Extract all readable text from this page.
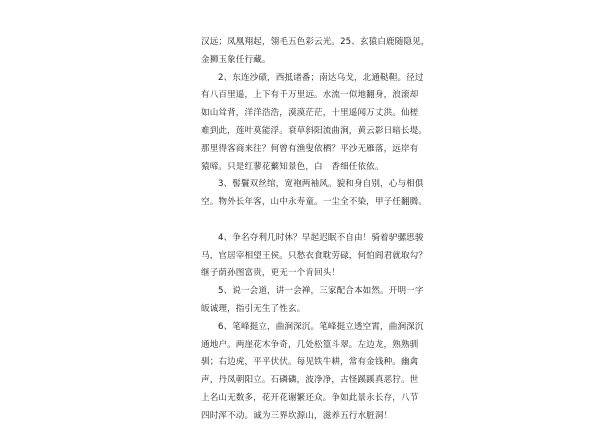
汉远；凤凰翔起，翎毛五色彩云光。25、玄猿白鹿随隐见，
金狮玉象任行藏。
2、东连沙碛，西抵诸番；南达乌戈，北通鞑靼。径过
有八百里遥，上下有千万里远。水流一似地翻身，浪滚却
如山耸背，洋洋浩浩，漠漠茫茫，十里遥闻万丈洪。仙槎
难到此，莲叶莫能浮。衰草斜阳流曲涧，黄云影日暗长堤。
那里得客商来往？何曾有渔叟依栖？平沙无雁落，远岸有
猿啼。只是红蓼花蘩知景色，白　香细任依依。
3、髻鬟双丝绾，宽袍两袖风。貌和身自别，心与相俱
空。物外长年客，山中永寿童。一尘全不染，甲子任翻腾。
4、争名夺利几时休？早起迟眠不自由！骑着驴骡思骏
马，官居宰相望王侯。只愁衣食耽劳碌，何怕阎君就取勾？
继子荫孙图富贵，更无一个肯回头！
5、说一会道，讲一会禅，三家配合本如然。开明一字
皈诚理，指引无生了性玄。
6、笔峰挺立，曲涧深沉。笔峰挺立透空霄，曲涧深沉
通地户。两崖花木争奇，几处松篁斗翠。左边龙，熟熟驯
驯；右边虎，平平伏伏。每见铁牛耕，常有金钱种。幽禽
声，丹凤朝阳立。石磷磷，波净净，古怪蹊蹊真恶狞。世
上名山无数多，花开花谢繁还众。争如此景永长存，八节
四时浑不动。诚为三界坎源山，滋养五行水脏洞！
